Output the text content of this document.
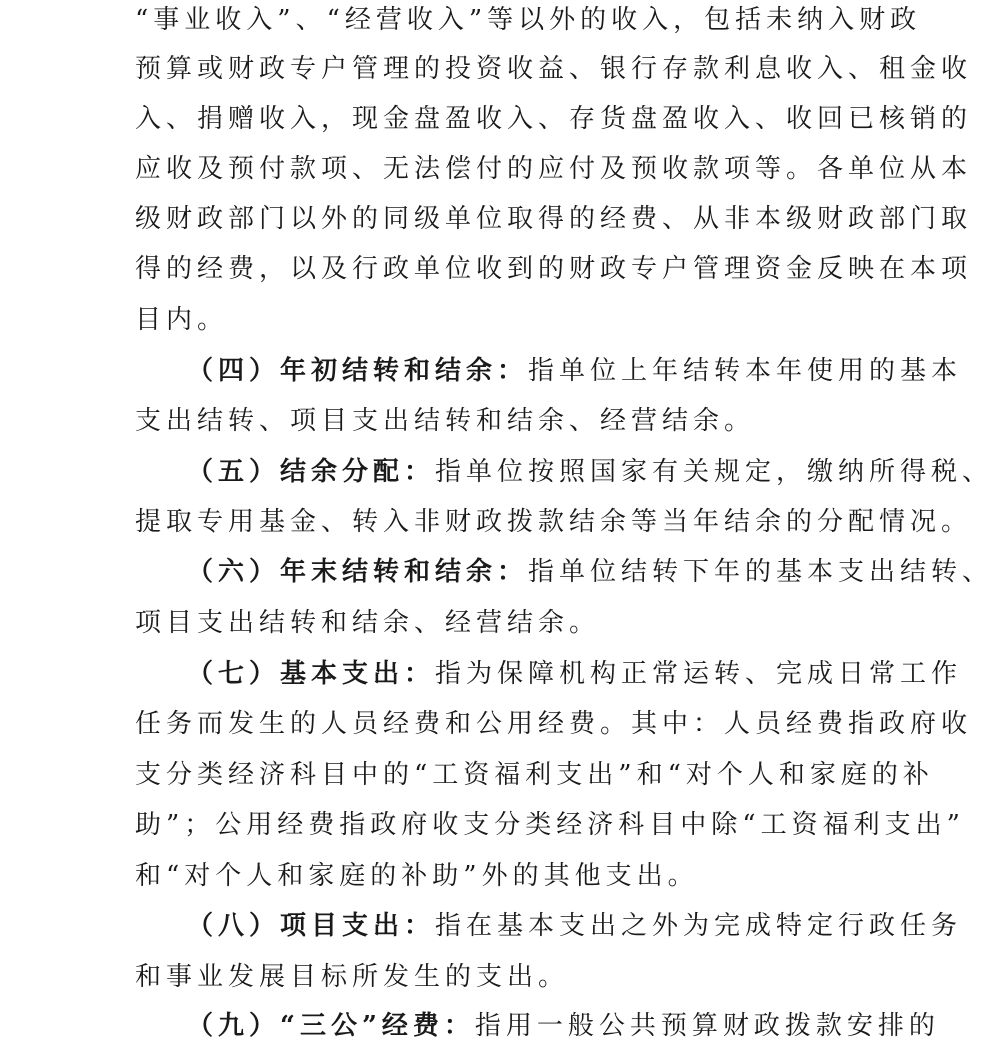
“事业收入”、“经营收入”等以外的收入，包括未纳入财政
预算或财政专户管理的投资收益、银行存款利息收入、租金收
入、捐赠收入，现金盘盈收入、存货盘盈收入、收回已核销的
应收及预付款项、无法偿付的应付及预收款项等。各单位从本
级财政部门以外的同级单位取得的经费、从非本级财政部门取
得的经费，以及行政单位收到的财政专户管理资金反映在本项
目内。
（四）年初结转和结余：指单位上年结转本年使用的基本
支出结转、项目支出结转和结余、经营结余。
（五）结余分配：指单位按照国家有关规定，缴纳所得税、
提取专用基金、转入非财政拨款结余等当年结余的分配情况。
（六）年末结转和结余：指单位结转下年的基本支出结转、
项目支出结转和结余、经营结余。
（七）基本支出：指为保障机构正常运转、完成日常工作
任务而发生的人员经费和公用经费。其中：人员经费指政府收
支分类经济科目中的“工资福利支出”和“对个人和家庭的补
助”；公用经费指政府收支分类经济科目中除“工资福利支出”
和“对个人和家庭的补助”外的其他支出。
（八）项目支出：指在基本支出之外为完成特定行政任务
和事业发展目标所发生的支出。
（九）“三公”经费：指用一般公共预算财政拨款安排的
